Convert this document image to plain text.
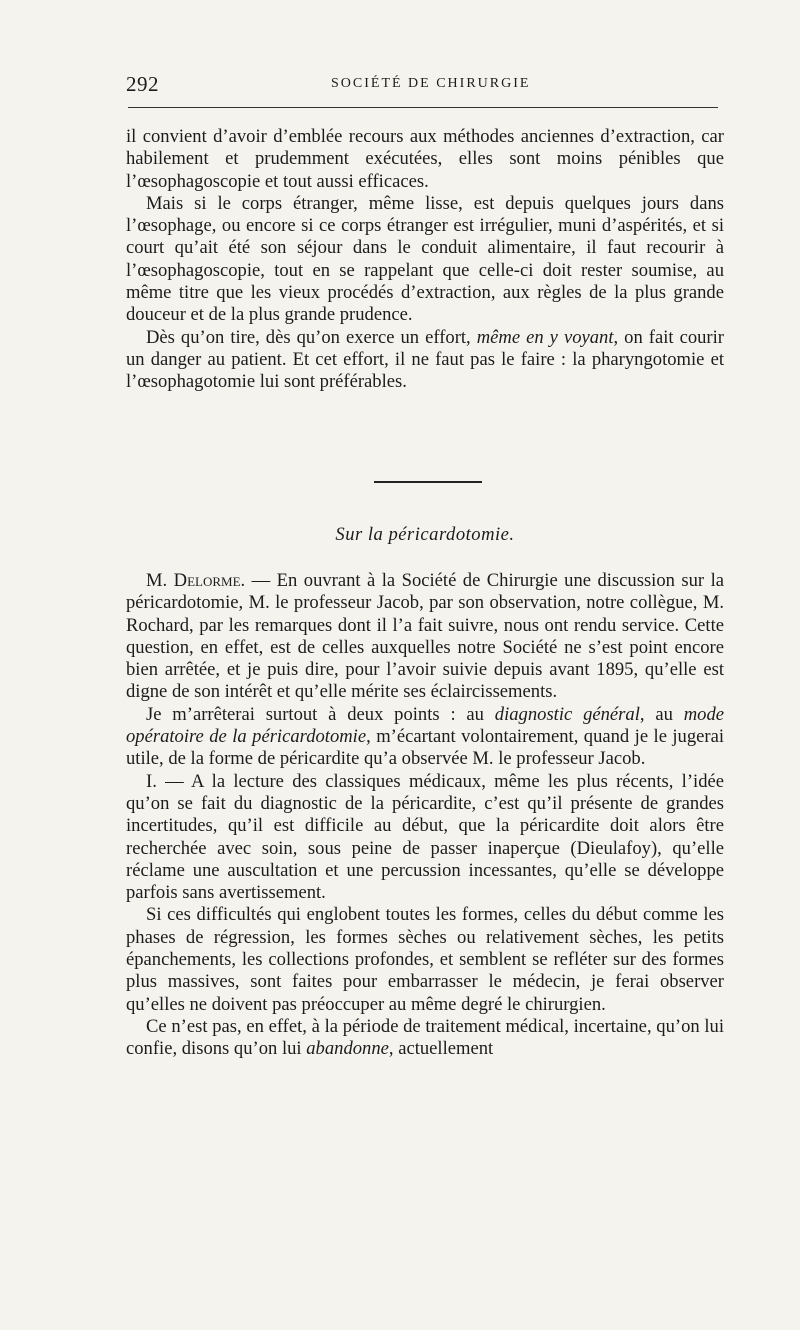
292	SOCIÉTÉ DE CHIRURGIE

il convient d’avoir d’emblée recours aux méthodes anciennes d’extraction, car habilement et prudemment exécutées, elles sont moins pénibles que l’œsophagoscopie et tout aussi efficaces.

Mais si le corps étranger, même lisse, est depuis quelques jours dans l’œsophage, ou encore si ce corps étranger est irrégulier, muni d’aspérités, et si court qu’ait été son séjour dans le conduit alimentaire, il faut recourir à l’œsophagoscopie, tout en se rappelant que celle-ci doit rester soumise, au même titre que les vieux procédés d’extraction, aux règles de la plus grande douceur et de la plus grande prudence.

Dès qu’on tire, dès qu’on exerce un effort, même en y voyant, on fait courir un danger au patient. Et cet effort, il ne faut pas le faire : la pharyngotomie et l’œsophagotomie lui sont préférables.

Sur la péricardotomie.

M. Delorme. — En ouvrant à la Société de Chirurgie une discussion sur la péricardotomie, M. le professeur Jacob, par son observation, notre collègue, M. Rochard, par les remarques dont il l’a fait suivre, nous ont rendu service. Cette question, en effet, est de celles auxquelles notre Société ne s’est point encore bien arrêtée, et je puis dire, pour l’avoir suivie depuis avant 1895, qu’elle est digne de son intérêt et qu’elle mérite ses éclaircissements.

Je m’arrêterai surtout à deux points : au diagnostic général, au mode opératoire de la péricardotomie, m’écartant volontairement, quand je le jugerai utile, de la forme de péricardite qu’a observée M. le professeur Jacob.

I. — A la lecture des classiques médicaux, même les plus récents, l’idée qu’on se fait du diagnostic de la péricardite, c’est qu’il présente de grandes incertitudes, qu’il est difficile au début, que la péricardite doit alors être recherchée avec soin, sous peine de passer inaperçue (Dieulafoy), qu’elle réclame une auscultation et une percussion incessantes, qu’elle se développe parfois sans avertissement.

Si ces difficultés qui englobent toutes les formes, celles du début comme les phases de régression, les formes sèches ou relativement sèches, les petits épanchements, les collections profondes, et semblent se refléter sur des formes plus massives, sont faites pour embarrasser le médecin, je ferai observer qu’elles ne doivent pas préoccuper au même degré le chirurgien.

Ce n’est pas, en effet, à la période de traitement médical, incertaine, qu’on lui confie, disons qu’on lui abandonne, actuellement
